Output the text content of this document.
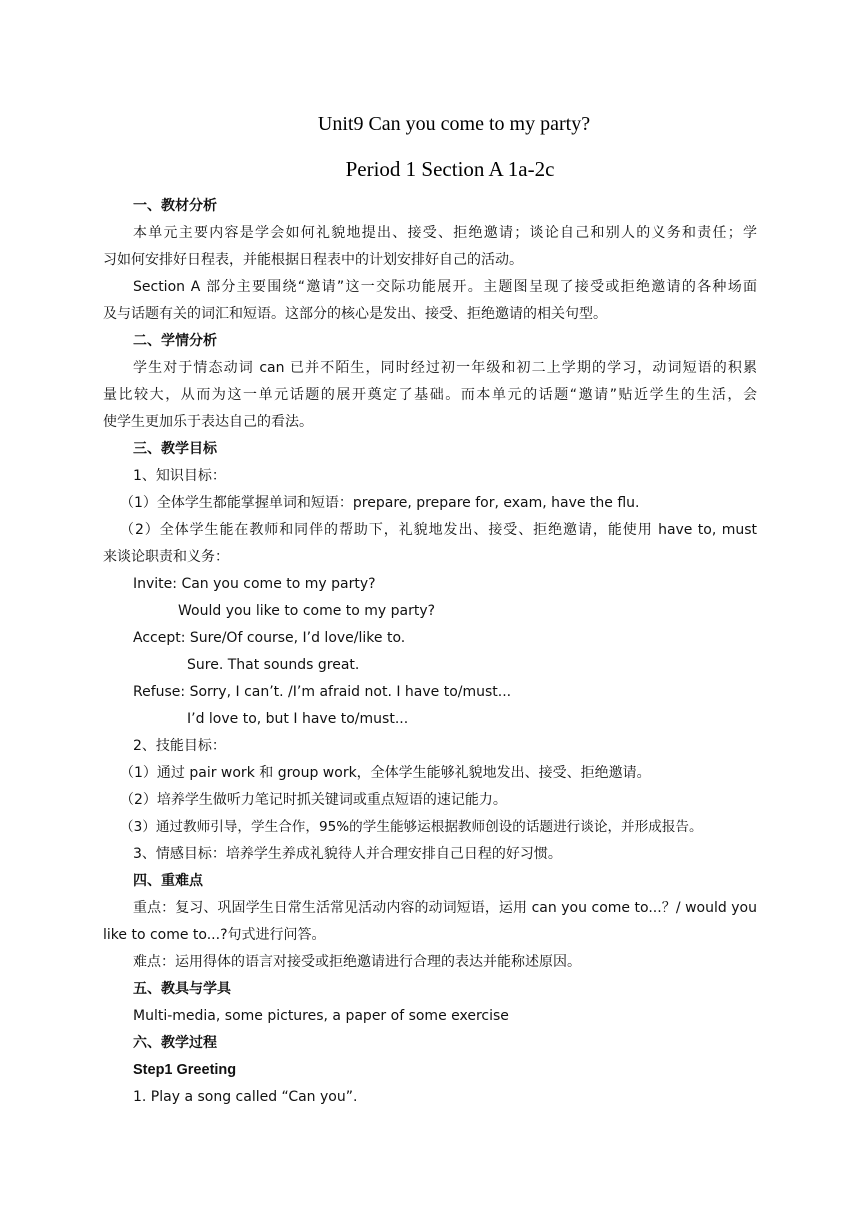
Unit9 Can you come to my party?
Period 1 Section A 1a-2c
一、教材分析
本单元主要内容是学会如何礼貌地提出、接受、拒绝邀请；谈论自己和别人的义务和责任；学
习如何安排好日程表，并能根据日程表中的计划安排好自己的活动。
Section A 部分主要围绕“邀请”这一交际功能展开。主题图呈现了接受或拒绝邀请的各种场面
及与话题有关的词汇和短语。这部分的核心是发出、接受、拒绝邀请的相关句型。
二、学情分析
学生对于情态动词 can 已并不陌生，同时经过初一年级和初二上学期的学习，动词短语的积累
量比较大，从而为这一单元话题的展开奠定了基础。而本单元的话题“邀请”贴近学生的生活，会
使学生更加乐于表达自己的看法。
三、教学目标
1、知识目标：
（1）全体学生都能掌握单词和短语：prepare, prepare for, exam, have the flu.
（2）全体学生能在教师和同伴的帮助下，礼貌地发出、接受、拒绝邀请，能使用 have to, must
来谈论职责和义务：
Invite: Can you come to my party?
Would you like to come to my party?
Accept: Sure/Of course, I’d love/like to.
Sure. That sounds great.
Refuse: Sorry, I can’t. /I’m afraid not. I have to/must...
I’d love to, but I have to/must...
2、技能目标：
（1）通过 pair work 和 group work，全体学生能够礼貌地发出、接受、拒绝邀请。
（2）培养学生做听力笔记时抓关键词或重点短语的速记能力。
（3）通过教师引导，学生合作，95%的学生能够运根据教师创设的话题进行谈论，并形成报告。
3、情感目标：培养学生养成礼貌待人并合理安排自己日程的好习惯。
四、重难点
重点：复习、巩固学生日常生活常见活动内容的动词短语，运用 can you come to...？/ would you
like to come to...?句式进行问答。
难点：运用得体的语言对接受或拒绝邀请进行合理的表达并能称述原因。
五、教具与学具
Multi-media, some pictures, a paper of some exercise
六、教学过程
Step1 Greeting
1. Play a song called “Can you”.
